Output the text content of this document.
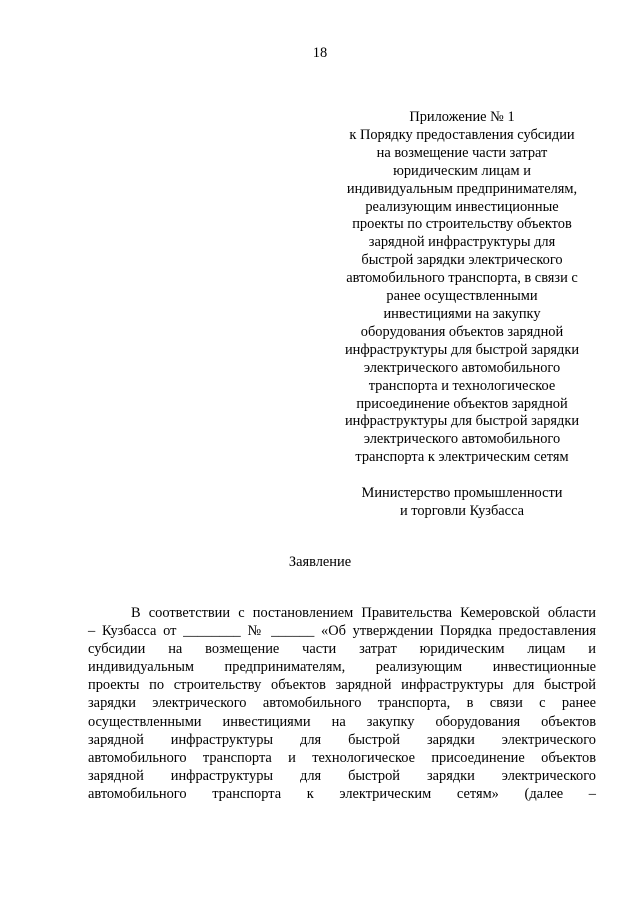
18
Приложение № 1
к Порядку предоставления субсидии
на возмещение части затрат
юридическим лицам и
индивидуальным предпринимателям,
реализующим инвестиционные
проекты по строительству объектов
зарядной инфраструктуры для
быстрой зарядки электрического
автомобильного транспорта, в связи с
ранее осуществленными
инвестициями на закупку
оборудования объектов зарядной
инфраструктуры для быстрой зарядки
электрического автомобильного
транспорта и технологическое
присоединение объектов зарядной
инфраструктуры для быстрой зарядки
электрического автомобильного
транспорта к электрическим сетям
Министерство промышленности
и торговли Кузбасса
Заявление
В соответствии с постановлением Правительства Кемеровской области
– Кузбасса от ________ № ______ «Об утверждении Порядка предоставления
субсидии на возмещение части затрат юридическим лицам и
индивидуальным предпринимателям, реализующим инвестиционные
проекты по строительству объектов зарядной инфраструктуры для быстрой
зарядки электрического автомобильного транспорта, в связи с ранее
осуществленными инвестициями на закупку оборудования объектов
зарядной инфраструктуры для быстрой зарядки электрического
автомобильного транспорта и технологическое присоединение объектов
зарядной инфраструктуры для быстрой зарядки электрического
автомобильного транспорта к электрическим сетям» (далее –
